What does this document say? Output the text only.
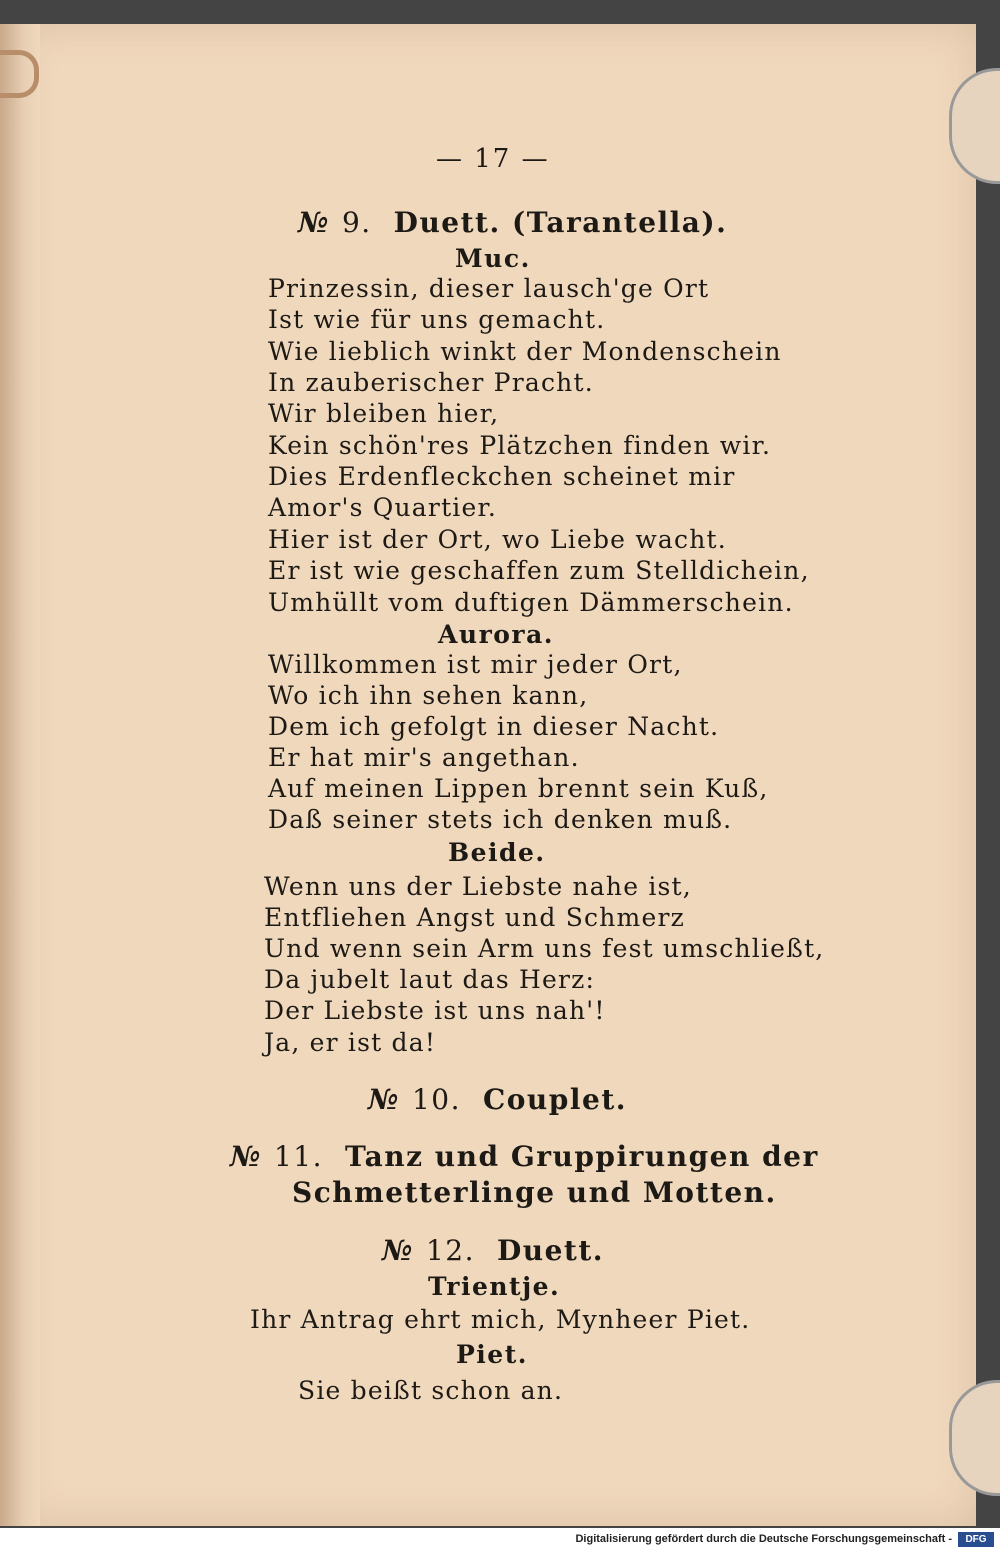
— 17 —
№ 9. Duett. (Tarantella).
Muc.
Prinzessin, dieser lausch'ge Ort
Ist wie für uns gemacht.
Wie lieblich winkt der Mondenschein
In zauberischer Pracht.
Wir bleiben hier,
Kein schön'res Plätzchen finden wir.
Dies Erdenfleckchen scheinet mir
Amor's Quartier.
Hier ist der Ort, wo Liebe wacht.
Er ist wie geschaffen zum Stelldichein,
Umhüllt vom duftigen Dämmerschein.
Aurora.
Willkommen ist mir jeder Ort,
Wo ich ihn sehen kann,
Dem ich gefolgt in dieser Nacht.
Er hat mir's angethan.
Auf meinen Lippen brennt sein Kuß,
Daß seiner stets ich denken muß.
Beide.
Wenn uns der Liebste nahe ist,
Entfliehen Angst und Schmerz
Und wenn sein Arm uns fest umschließt,
Da jubelt laut das Herz:
Der Liebste ist uns nah'!
Ja, er ist da!
№ 10. Couplet.
№ 11. Tanz und Gruppirungen der
Schmetterlinge und Motten.
№ 12. Duett.
Trientje.
Ihr Antrag ehrt mich, Mynheer Piet.
Piet.
Sie beißt schon an.
Digitalisierung gefördert durch die Deutsche Forschungsgemeinschaft -	DFG
